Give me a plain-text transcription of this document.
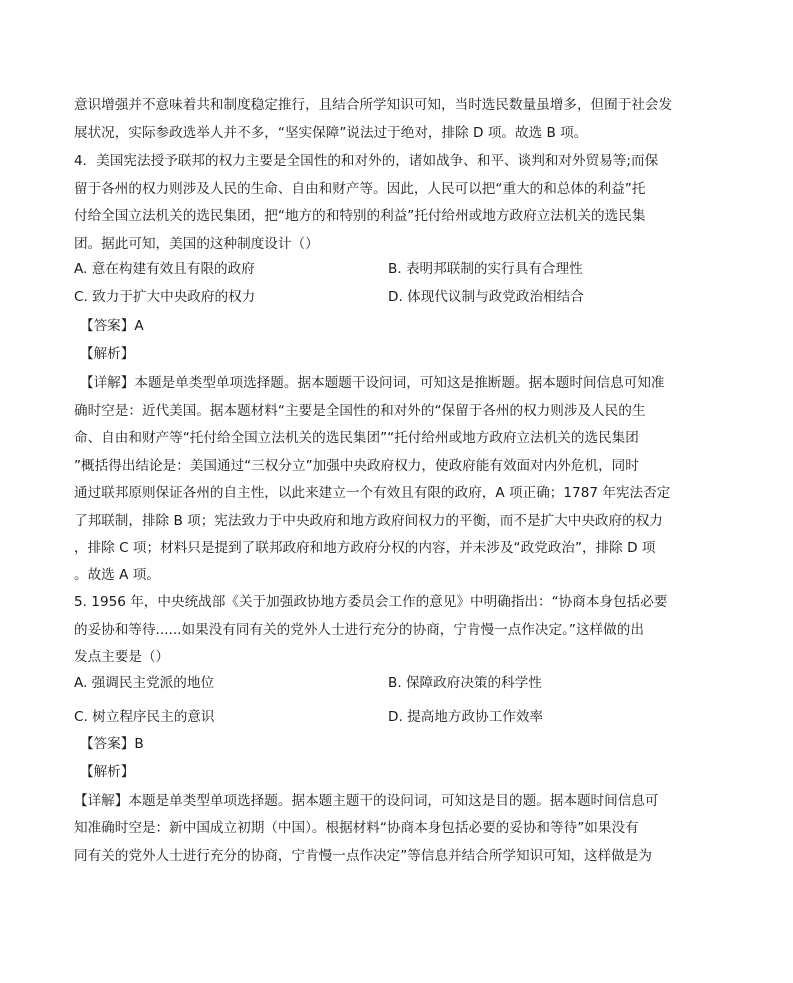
意识增强并不意味着共和制度稳定推行，且结合所学知识可知，当时选民数量虽增多，但囿于社会发
展状况，实际参政选举人并不多，“坚实保障”说法过于绝对，排除 D 项。故选 B 项。
4．美国宪法授予联邦的权力主要是全国性的和对外的，诸如战争、和平、谈判和对外贸易等;而保
留于各州的权力则涉及人民的生命、自由和财产等。因此，人民可以把“重大的和总体的利益”托
付给全国立法机关的选民集团，把“地方的和特别的利益”托付给州或地方政府立法机关的选民集
团。据此可知，美国的这种制度设计（）
A. 意在构建有效且有限的政府	B. 表明邦联制的实行具有合理性
C. 致力于扩大中央政府的权力	D. 体现代议制与政党政治相结合
【答案】A
【解析】
【详解】本题是单类型单项选择题。据本题题干设问词，可知这是推断题。据本题时间信息可知准
确时空是：近代美国。据本题材料“主要是全国性的和对外的“保留于各州的权力则涉及人民的生
命、自由和财产等“托付给全国立法机关的选民集团”“托付给州或地方政府立法机关的选民集团
”概括得出结论是：美国通过“三权分立”加强中央政府权力，使政府能有效面对内外危机，同时
通过联邦原则保证各州的自主性，以此来建立一个有效且有限的政府，A 项正确；1787 年宪法否定
了邦联制，排除 B 项；宪法致力于中央政府和地方政府间权力的平衡，而不是扩大中央政府的权力
，排除 C 项；材料只是提到了联邦政府和地方政府分权的内容，并未涉及“政党政治”，排除 D 项
。故选 A 项。
5. 1956 年，中央统战部《关于加强政协地方委员会工作的意见》中明确指出：“协商本身包括必要
的妥协和等待......如果没有同有关的党外人士进行充分的协商，宁肯慢一点作决定。”这样做的出
发点主要是（）
A. 强调民主党派的地位	B. 保障政府决策的科学性
C. 树立程序民主的意识	D. 提高地方政协工作效率
【答案】B
【解析】
【详解】本题是单类型单项选择题。据本题主题干的设问词，可知这是目的题。据本题时间信息可
知准确时空是：新中国成立初期（中国）。根据材料“协商本身包括必要的妥协和等待”如果没有
同有关的党外人士进行充分的协商，宁肯慢一点作决定”等信息并结合所学知识可知，这样做是为
